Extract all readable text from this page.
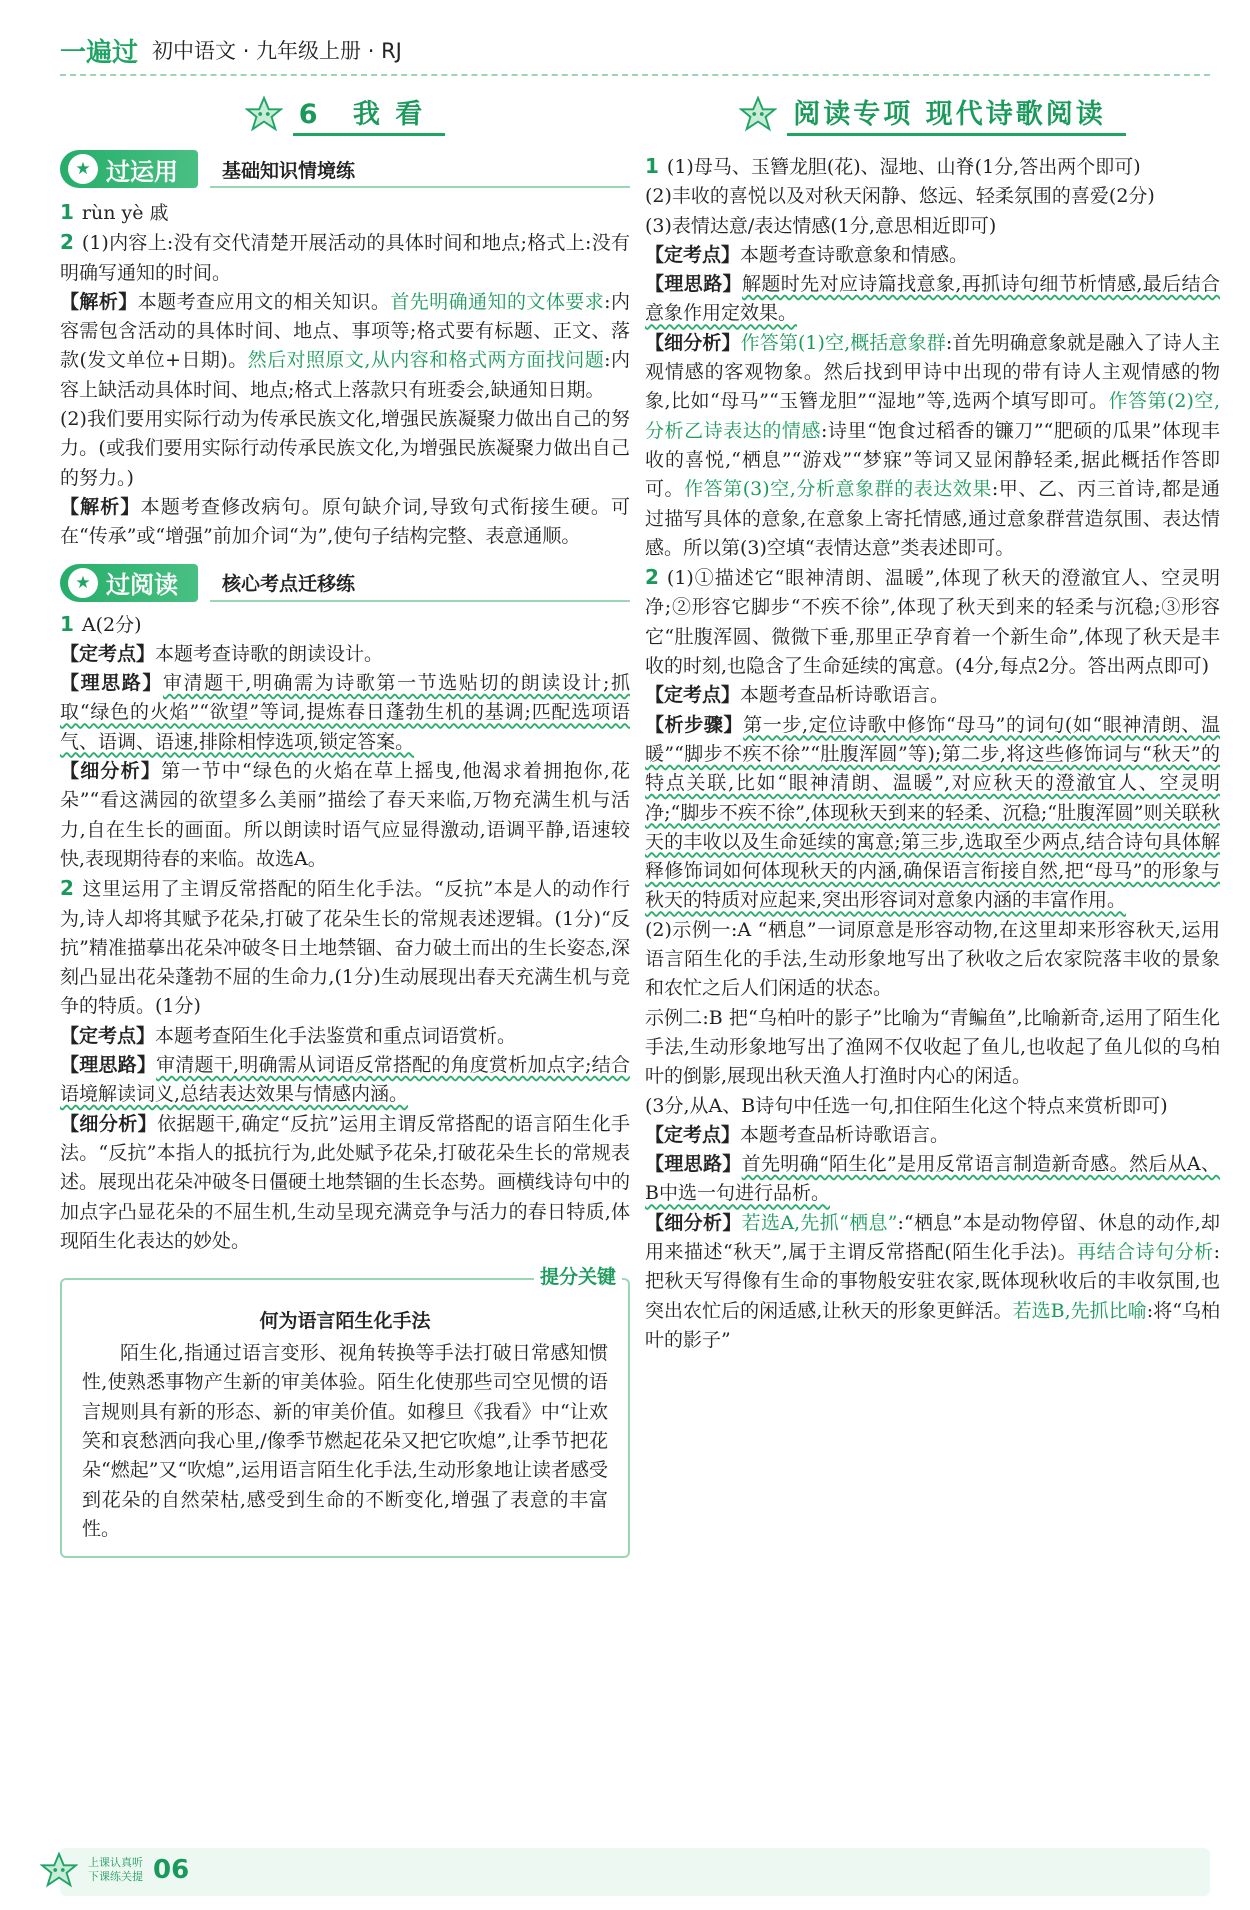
一遍过 初中语文 · 九年级上册 · RJ
6 我 看
★ 过运用 基础知识情境练

1 rùn yè 戚

2 (1)内容上:没有交代清楚开展活动的具体时间和地点;格式上:没有明确写通知的时间。

【解析】本题考查应用文的相关知识。首先明确通知的文体要求:内容需包含活动的具体时间、地点、事项等;格式要有标题、正文、落款(发文单位+日期)。然后对照原文,从内容和格式两方面找问题:内容上缺活动具体时间、地点;格式上落款只有班委会,缺通知日期。

(2)我们要用实际行动为传承民族文化,增强民族凝聚力做出自己的努力。(或我们要用实际行动传承民族文化,为增强民族凝聚力做出自己的努力。)

【解析】本题考查修改病句。原句缺介词,导致句式衔接生硬。可在“传承”或“增强”前加介词“为”,使句子结构完整、表意通顺。

★ 过阅读 核心考点迁移练

1 A(2分)

【定考点】本题考查诗歌的朗读设计。

【理思路】审清题干,明确需为诗歌第一节选贴切的朗读设计;抓取“绿色的火焰”“欲望”等词,提炼春日蓬勃生机的基调;匹配选项语气、语调、语速,排除相悖选项,锁定答案。

【细分析】第一节中“绿色的火焰在草上摇曳,他渴求着拥抱你,花朵”“看这满园的欲望多么美丽”描绘了春天来临,万物充满生机与活力,自在生长的画面。所以朗读时语气应显得激动,语调平静,语速较快,表现期待春的来临。故选A。

2 这里运用了主谓反常搭配的陌生化手法。“反抗”本是人的动作行为,诗人却将其赋予花朵,打破了花朵生长的常规表述逻辑。(1分)“反抗”精准描摹出花朵冲破冬日土地禁锢、奋力破土而出的生长姿态,深刻凸显出花朵蓬勃不屈的生命力,(1分)生动展现出春天充满生机与竞争的特质。(1分)

【定考点】本题考查陌生化手法鉴赏和重点词语赏析。

【理思路】审清题干,明确需从词语反常搭配的角度赏析加点字;结合语境解读词义,总结表达效果与情感内涵。

【细分析】依据题干,确定“反抗”运用主谓反常搭配的语言陌生化手法。“反抗”本指人的抵抗行为,此处赋予花朵,打破花朵生长的常规表述。展现出花朵冲破冬日僵硬土地禁锢的生长态势。画横线诗句中的加点字凸显花朵的不屈生机,生动呈现充满竞争与活力的春日特质,体现陌生化表达的妙处。

提分关键
何为语言陌生化手法

陌生化,指通过语言变形、视角转换等手法打破日常感知惯性,使熟悉事物产生新的审美体验。陌生化使那些司空见惯的语言规则具有新的形态、新的审美价值。如穆旦《我看》中“让欢笑和哀愁洒向我心里,/像季节燃起花朵又把它吹熄”,让季节把花朵“燃起”又“吹熄”,运用语言陌生化手法,生动形象地让读者感受到花朵的自然荣枯,感受到生命的不断变化,增强了表意的丰富性。

阅读专项 现代诗歌阅读

1 (1)母马、玉簪龙胆(花)、湿地、山脊(1分,答出两个即可)

(2)丰收的喜悦以及对秋天闲静、悠远、轻柔氛围的喜爱(2分)

(3)表情达意/表达情感(1分,意思相近即可)

【定考点】本题考查诗歌意象和情感。

【理思路】解题时先对应诗篇找意象,再抓诗句细节析情感,最后结合意象作用定效果。

【细分析】作答第(1)空,概括意象群:首先明确意象就是融入了诗人主观情感的客观物象。然后找到甲诗中出现的带有诗人主观情感的物象,比如“母马”“玉簪龙胆”“湿地”等,选两个填写即可。作答第(2)空,分析乙诗表达的情感:诗里“饱食过稻香的镰刀”“肥硕的瓜果”体现丰收的喜悦,“栖息”“游戏”“梦寐”等词又显闲静轻柔,据此概括作答即可。作答第(3)空,分析意象群的表达效果:甲、乙、丙三首诗,都是通过描写具体的意象,在意象上寄托情感,通过意象群营造氛围、表达情感。所以第(3)空填“表情达意”类表述即可。

2 (1)①描述它“眼神清朗、温暖”,体现了秋天的澄澈宜人、空灵明净;②形容它脚步“不疾不徐”,体现了秋天到来的轻柔与沉稳;③形容它“肚腹浑圆、微微下垂,那里正孕育着一个新生命”,体现了秋天是丰收的时刻,也隐含了生命延续的寓意。(4分,每点2分。答出两点即可)

【定考点】本题考查品析诗歌语言。

【析步骤】第一步,定位诗歌中修饰“母马”的词句(如“眼神清朗、温暖”“脚步不疾不徐”“肚腹浑圆”等);第二步,将这些修饰词与“秋天”的特点关联,比如“眼神清朗、温暖”,对应秋天的澄澈宜人、空灵明净;“脚步不疾不徐”,体现秋天到来的轻柔、沉稳;“肚腹浑圆”则关联秋天的丰收以及生命延续的寓意;第三步,选取至少两点,结合诗句具体解释修饰词如何体现秋天的内涵,确保语言衔接自然,把“母马”的形象与秋天的特质对应起来,突出形容词对意象内涵的丰富作用。

(2)示例一:A “栖息”一词原意是形容动物,在这里却来形容秋天,运用语言陌生化的手法,生动形象地写出了秋收之后农家院落丰收的景象和农忙之后人们闲适的状态。

示例二:B 把“乌柏叶的影子”比喻为“青鳊鱼”,比喻新奇,运用了陌生化手法,生动形象地写出了渔网不仅收起了鱼儿,也收起了鱼儿似的乌柏叶的倒影,展现出秋天渔人打渔时内心的闲适。

(3分,从A、B诗句中任选一句,扣住陌生化这个特点来赏析即可)

【定考点】本题考查品析诗歌语言。

【理思路】首先明确“陌生化”是用反常语言制造新奇感。然后从A、B中选一句进行品析。

【细分析】若选A,先抓“栖息”:“栖息”本是动物停留、休息的动作,却用来描述“秋天”,属于主谓反常搭配(陌生化手法)。再结合诗句分析:把秋天写得像有生命的事物般安驻农家,既体现秋收后的丰收氛围,也突出农忙后的闲适感,让秋天的形象更鲜活。若选B,先抓比喻:将“乌柏叶的影子”

上课认真听
下课练关提 06
